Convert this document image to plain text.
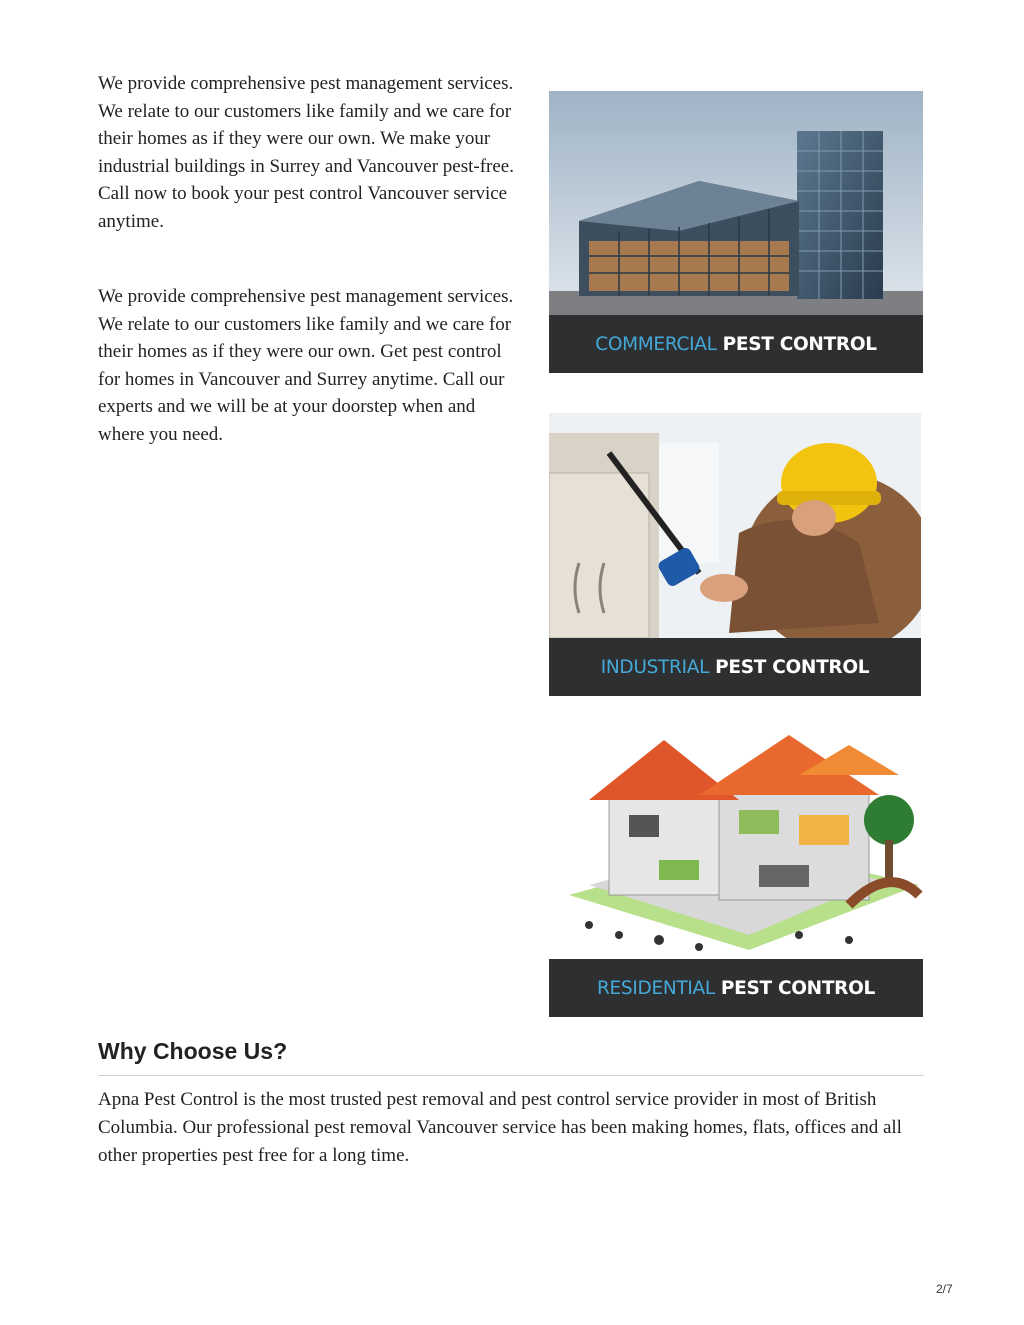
We provide comprehensive pest management services. We relate to our customers like family and we care for their homes as if they were our own. We make your industrial buildings in Surrey and Vancouver pest-free. Call now to book your pest control Vancouver service anytime.

We provide comprehensive pest management services. We relate to our customers like family and we care for their homes as if they were our own. Get pest control for homes in Vancouver and Surrey anytime. Call our experts and we will be at your doorstep when and where you need.

COMMERCIAL PEST CONTROL
INDUSTRIAL PEST CONTROL
RESIDENTIAL PEST CONTROL
Why Choose Us?

Apna Pest Control is the most trusted pest removal and pest control service provider in most of British Columbia. Our professional pest removal Vancouver service has been making homes, flats, offices and all other properties pest free for a long time.

2/7
